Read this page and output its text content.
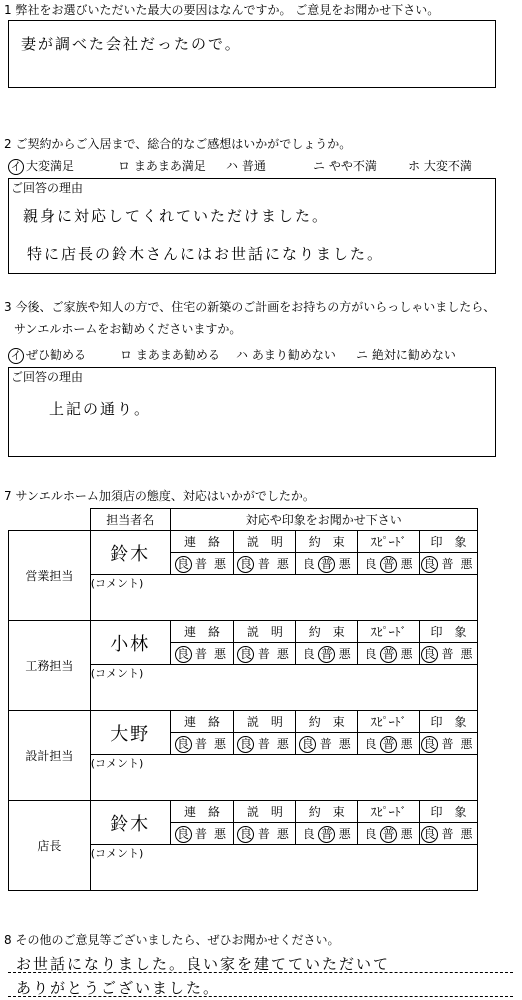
1 弊社をお選びいただいた最大の要因はなんですか。 ご意見をお聞かせ下さい。
妻が調べた会社だったので。
2 ご契約からご入居まで、総合的なご感想はいかがでしょうか。
イ 大変満足	ロ まあまあ満足 ハ 普通	ニ やや不満	ホ 大変不満
ご回答の理由
親身に対応してくれていただけました。
特に店長の鈴木さんにはお世話になりました。
3 今後、ご家族や知人の方で、住宅の新築のご計画をお持ちの方がいらっしゃいましたら、
サンエルホームをお勧めくださいますか。
イ ぜひ勧める	ロ まあまあ勧める ハ あまり勧めない ニ 絶対に勧めない
ご回答の理由
上記の通り。
7 サンエルホーム加須店の態度、対応はいかがでしたか。
	担当者名	対応や印象をお聞かせ下さい				
営業担当	鈴木	連　絡	説　明	約　束	ｽﾋﾟｰﾄﾞ	印　象
		良 普 悪	良 普 悪	良 普 悪	良 普 悪	良 普 悪
	(コメント)					
工務担当	小林	連　絡	説　明	約　束	ｽﾋﾟｰﾄﾞ	印　象
		良 普 悪	良 普 悪	良 普 悪	良 普 悪	良 普 悪
	(コメント)					
設計担当	大野	連　絡	説　明	約　束	ｽﾋﾟｰﾄﾞ	印　象
		良 普 悪	良 普 悪	良 普 悪	良 普 悪	良 普 悪
	(コメント)					
店長	鈴木	連　絡	説　明	約　束	ｽﾋﾟｰﾄﾞ	印　象
		良 普 悪	良 普 悪	良 普 悪	良 普 悪	良 普 悪
	(コメント)					
8 その他のご意見等ございましたら、ぜひお聞かせください。
お世話になりました。良い家を建てていただいて
ありがとうございました。
